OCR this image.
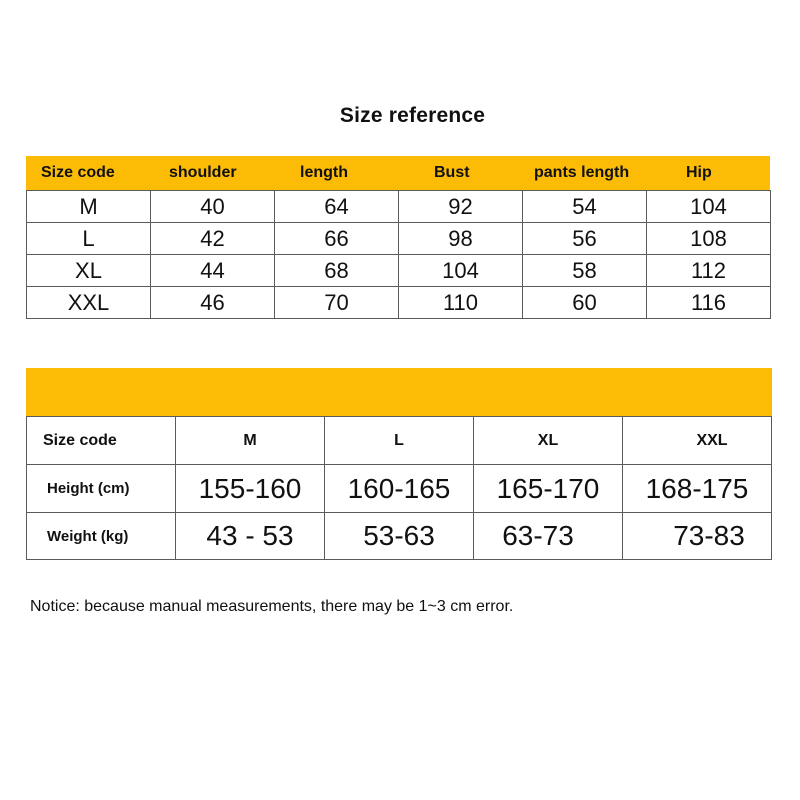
Size reference
Size code	shoulder	length	Bust	pants length	Hip
M	40	64	92	54	104
L	42	66	98	56	108
XL	44	68	104	58	112
XXL	46	70	110	60	116
Size code	M	L	XL	XXL
Height (cm)	155-160	160-165	165-170	168-175
Weight (kg)	43 - 53	53-63	63-73	73-83
Notice: because manual measurements, there may be 1~3 cm error.
